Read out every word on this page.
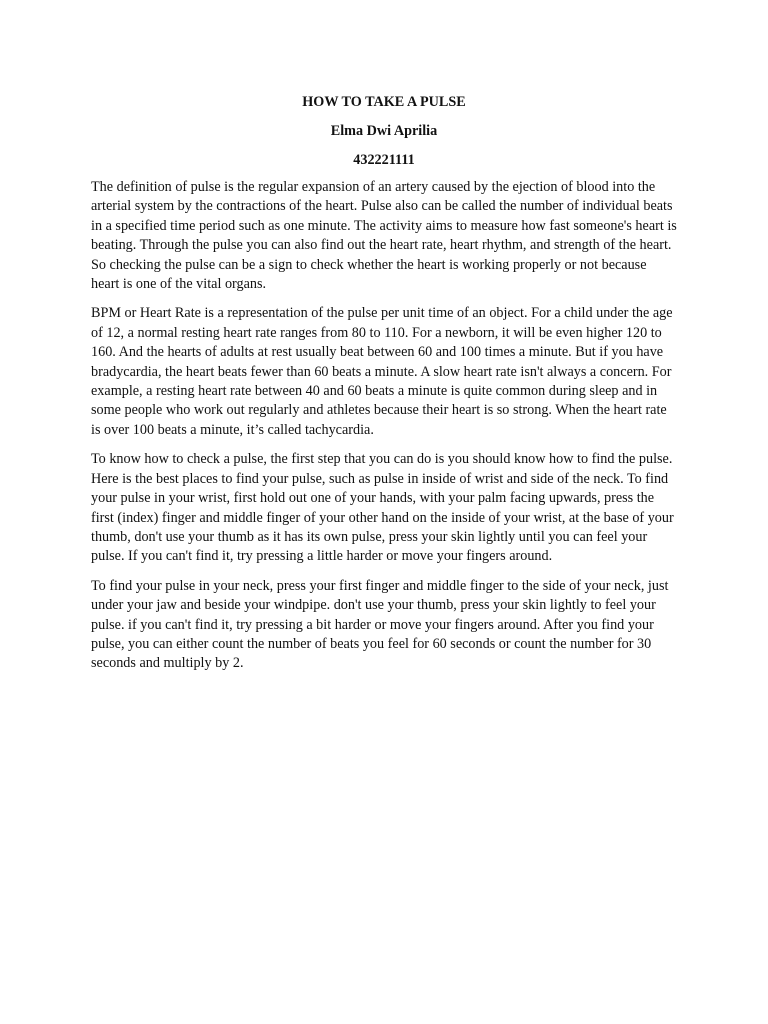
HOW TO TAKE A PULSE

Elma Dwi Aprilia

432221111

The definition of pulse is the regular expansion of an artery caused by the ejection of blood into the arterial system by the contractions of the heart. Pulse also can be called the number of individual beats in a specified time period such as one minute. The activity aims to measure how fast someone's heart is beating. Through the pulse you can also find out the heart rate, heart rhythm, and strength of the heart. So checking the pulse can be a sign to check whether the heart is working properly or not because heart is one of the vital organs.

BPM or Heart Rate is a representation of the pulse per unit time of an object. For a child under the age of 12, a normal resting heart rate ranges from 80 to 110. For a newborn, it will be even higher 120 to 160. And the hearts of adults at rest usually beat between 60 and 100 times a minute. But if you have bradycardia, the heart beats fewer than 60 beats a minute. A slow heart rate isn't always a concern. For example, a resting heart rate between 40 and 60 beats a minute is quite common during sleep and in some people who work out regularly and athletes because their heart is so strong. When the heart rate is over 100 beats a minute, it’s called tachycardia.

To know how to check a pulse, the first step that you can do is you should know how to find the pulse. Here is the best places to find your pulse, such as pulse in inside of wrist and side of the neck. To find your pulse in your wrist, first hold out one of your hands, with your palm facing upwards, press the first (index) finger and middle finger of your other hand on the inside of your wrist, at the base of your thumb, don't use your thumb as it has its own pulse, press your skin lightly until you can feel your pulse. If you can't find it, try pressing a little harder or move your fingers around.

To find your pulse in your neck, press your first finger and middle finger to the side of your neck, just under your jaw and beside your windpipe. don't use your thumb, press your skin lightly to feel your pulse. if you can't find it, try pressing a bit harder or move your fingers around. After you find your pulse, you can either count the number of beats you feel for 60 seconds or count the number for 30 seconds and multiply by 2.
